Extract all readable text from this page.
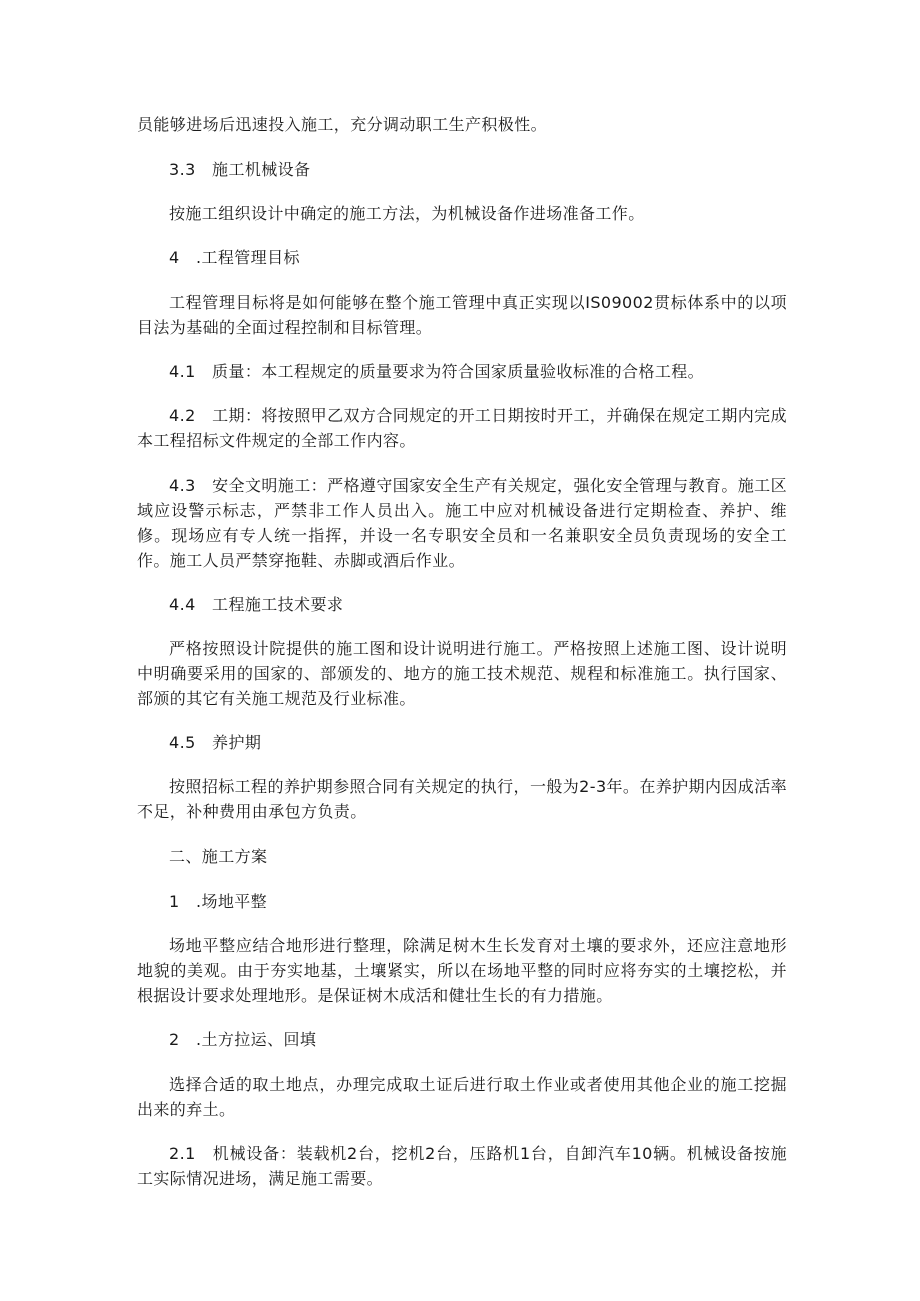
员能够进场后迅速投入施工，充分调动职工生产积极性。

3.3　施工机械设备

按施工组织设计中确定的施工方法，为机械设备作进场准备工作。

4　.工程管理目标

工程管理目标将是如何能够在整个施工管理中真正实现以IS09002贯标体系中的以项目法为基础的全面过程控制和目标管理。

4.1　质量：本工程规定的质量要求为符合国家质量验收标准的合格工程。

4.2　工期：将按照甲乙双方合同规定的开工日期按时开工，并确保在规定工期内完成本工程招标文件规定的全部工作内容。

4.3　安全文明施工：严格遵守国家安全生产有关规定，强化安全管理与教育。施工区域应设警示标志，严禁非工作人员出入。施工中应对机械设备进行定期检查、养护、维修。现场应有专人统一指挥，并设一名专职安全员和一名兼职安全员负责现场的安全工作。施工人员严禁穿拖鞋、赤脚或酒后作业。

4.4　工程施工技术要求

严格按照设计院提供的施工图和设计说明进行施工。严格按照上述施工图、设计说明中明确要采用的国家的、部颁发的、地方的施工技术规范、规程和标准施工。执行国家、部颁的其它有关施工规范及行业标准。

4.5　养护期

按照招标工程的养护期参照合同有关规定的执行，一般为2-3年。在养护期内因成活率不足，补种费用由承包方负责。

二、施工方案

1　.场地平整

场地平整应结合地形进行整理，除满足树木生长发育对土壤的要求外，还应注意地形地貌的美观。由于夯实地基，土壤紧实，所以在场地平整的同时应将夯实的土壤挖松，并根据设计要求处理地形。是保证树木成活和健壮生长的有力措施。

2　.土方拉运、回填

选择合适的取土地点，办理完成取土证后进行取土作业或者使用其他企业的施工挖掘出来的弃土。

2.1　机械设备：装载机2台，挖机2台，压路机1台，自卸汽车10辆。机械设备按施工实际情况进场，满足施工需要。
